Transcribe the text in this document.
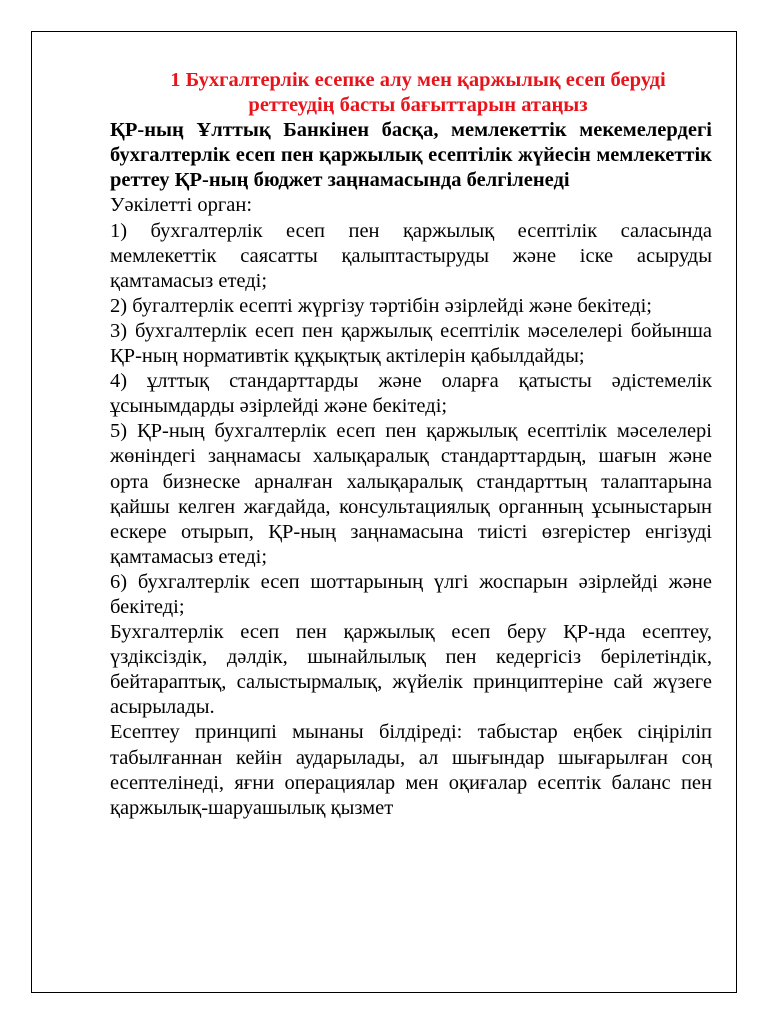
1 Бухгалтерлік есепке алу мен қаржылық есеп беруді
реттеудің басты бағыттарын атаңыз

ҚР-ның Ұлттық Банкінен басқа, мемлекеттік мекемелердегі бухгалтерлік есеп пен қаржылық есептілік жүйесін мемлекеттік реттеу ҚР-ның бюджет заңнамасында белгіленеді

Уәкілетті орган:

1) бухгалтерлік есеп пен қаржылық есептілік саласында мемлекеттік саясатты қалыптастыруды және іске асыруды қамтамасыз етеді;

2) бугалтерлік есепті жүргізу тәртібін әзірлейді және бекітеді;

3) бухгалтерлік есеп пен қаржылық есептілік мәселелері бойынша ҚР-ның нормативтік құқықтық актілерін қабылдайды;

4) ұлттық стандарттарды және оларға қатысты әдістемелік ұсынымдарды әзірлейді және бекітеді;

5) ҚР-ның бухгалтерлік есеп пен қаржылық есептілік мәселелері жөніндегі заңнамасы халықаралық стандарттардың, шағын және орта бизнеске арналған халықаралық стандарттың талаптарына қайшы келген жағдайда, консультациялық органның ұсыныстарын ескере отырып, ҚР-ның заңнамасына тиісті өзгерістер енгізуді қамтамасыз етеді;

6) бухгалтерлік есеп шоттарының үлгі жоспарын әзірлейді және бекітеді;

Бухгалтерлік есеп пен қаржылық есеп беру ҚР-нда есептеу, үздіксіздік, дәлдік, шынайлылық пен кедергісіз берілетіндік, бейтараптық, салыстырмалық, жүйелік принциптеріне сай жүзеге асырылады.

Есептеу принципі мынаны білдіреді: табыстар еңбек сіңіріліп табылғаннан кейін аударылады, ал шығындар шығарылған соң есептелінеді, яғни операциялар мен оқиғалар есептік баланс пен қаржылық-шаруашылық қызмет
